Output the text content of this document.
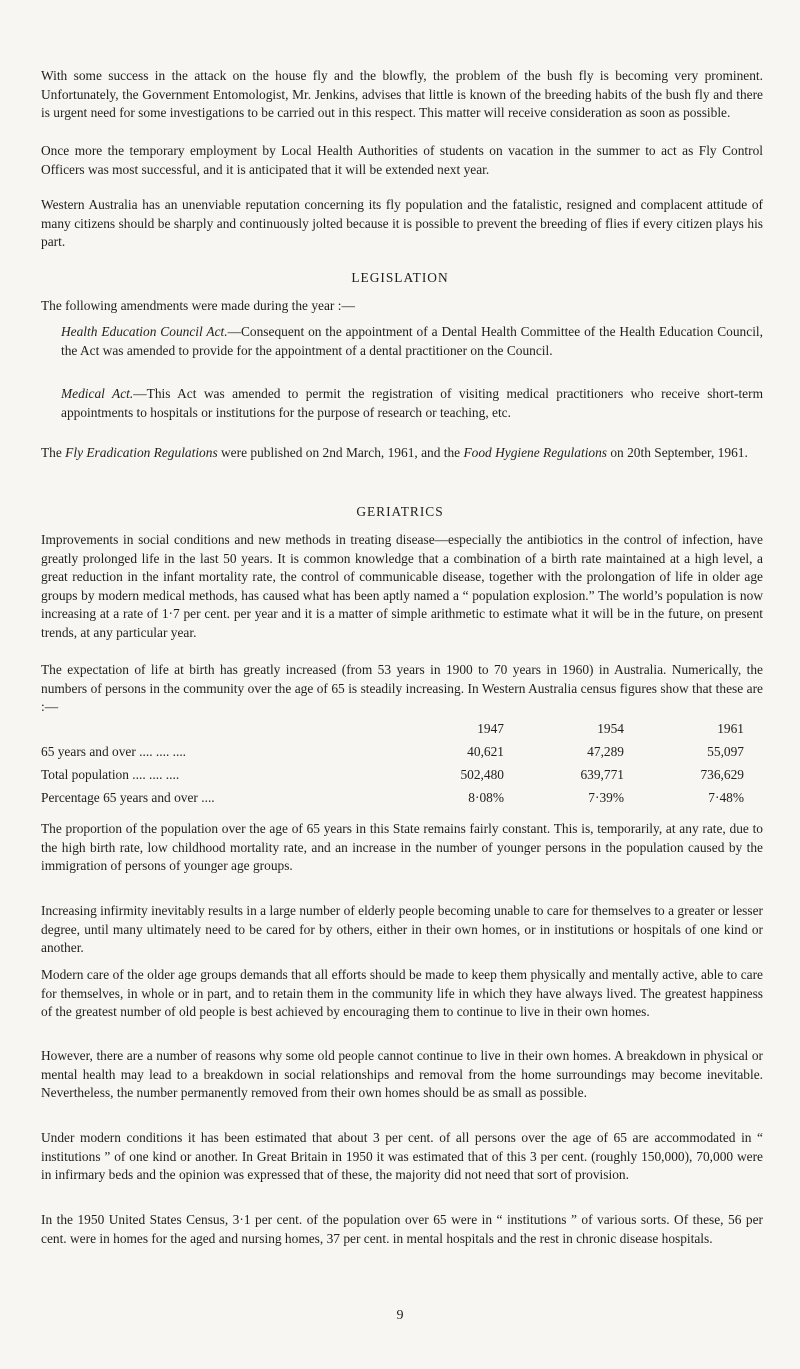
With some success in the attack on the house fly and the blowfly, the problem of the bush fly is becoming very prominent. Unfortunately, the Government Entomologist, Mr. Jenkins, advises that little is known of the breeding habits of the bush fly and there is urgent need for some investigations to be carried out in this respect. This matter will receive consideration as soon as possible.

Once more the temporary employment by Local Health Authorities of students on vacation in the summer to act as Fly Control Officers was most successful, and it is anticipated that it will be extended next year.

Western Australia has an unenviable reputation concerning its fly population and the fatalistic, resigned and complacent attitude of many citizens should be sharply and continuously jolted because it is possible to prevent the breeding of flies if every citizen plays his part.

LEGISLATION

The following amendments were made during the year :—

Health Education Council Act.—Consequent on the appointment of a Dental Health Committee of the Health Education Council, the Act was amended to provide for the appointment of a dental practitioner on the Council.

Medical Act.—This Act was amended to permit the registration of visiting medical practitioners who receive short-term appointments to hospitals or institutions for the purpose of research or teaching, etc.

The Fly Eradication Regulations were published on 2nd March, 1961, and the Food Hygiene Regulations on 20th September, 1961.

GERIATRICS

Improvements in social conditions and new methods in treating disease—especially the antibiotics in the control of infection, have greatly prolonged life in the last 50 years. It is common knowledge that a combination of a birth rate maintained at a high level, a great reduction in the infant mortality rate, the control of communicable disease, together with the prolongation of life in older age groups by modern medical methods, has caused what has been aptly named a “ population explosion.” The world’s population is now increasing at a rate of 1·7 per cent. per year and it is a matter of simple arithmetic to estimate what it will be in the future, on present trends, at any particular year.

The expectation of life at birth has greatly increased (from 53 years in 1900 to 70 years in 1960) in Australia. Numerically, the numbers of persons in the community over the age of 65 is steadily increasing. In Western Australia census figures show that these are :—

	1947	1954	1961
65 years and over .... .... ....	40,621	47,289	55,097
Total population .... .... ....	502,480	639,771	736,629
Percentage 65 years and over ....	8·08%	7·39%	7·48%

The proportion of the population over the age of 65 years in this State remains fairly constant. This is, temporarily, at any rate, due to the high birth rate, low childhood mortality rate, and an increase in the number of younger persons in the population caused by the immigration of persons of younger age groups.

Increasing infirmity inevitably results in a large number of elderly people becoming unable to care for themselves to a greater or lesser degree, until many ultimately need to be cared for by others, either in their own homes, or in institutions or hospitals of one kind or another.

Modern care of the older age groups demands that all efforts should be made to keep them physically and mentally active, able to care for themselves, in whole or in part, and to retain them in the community life in which they have always lived. The greatest happiness of the greatest number of old people is best achieved by encouraging them to continue to live in their own homes.

However, there are a number of reasons why some old people cannot continue to live in their own homes. A breakdown in physical or mental health may lead to a breakdown in social relationships and removal from the home surroundings may become inevitable. Nevertheless, the number permanently removed from their own homes should be as small as possible.

Under modern conditions it has been estimated that about 3 per cent. of all persons over the age of 65 are accommodated in “ institutions ” of one kind or another. In Great Britain in 1950 it was estimated that of this 3 per cent. (roughly 150,000), 70,000 were in infirmary beds and the opinion was expressed that of these, the majority did not need that sort of provision.

In the 1950 United States Census, 3·1 per cent. of the population over 65 were in “ institutions ” of various sorts. Of these, 56 per cent. were in homes for the aged and nursing homes, 37 per cent. in mental hospitals and the rest in chronic disease hospitals.

9
